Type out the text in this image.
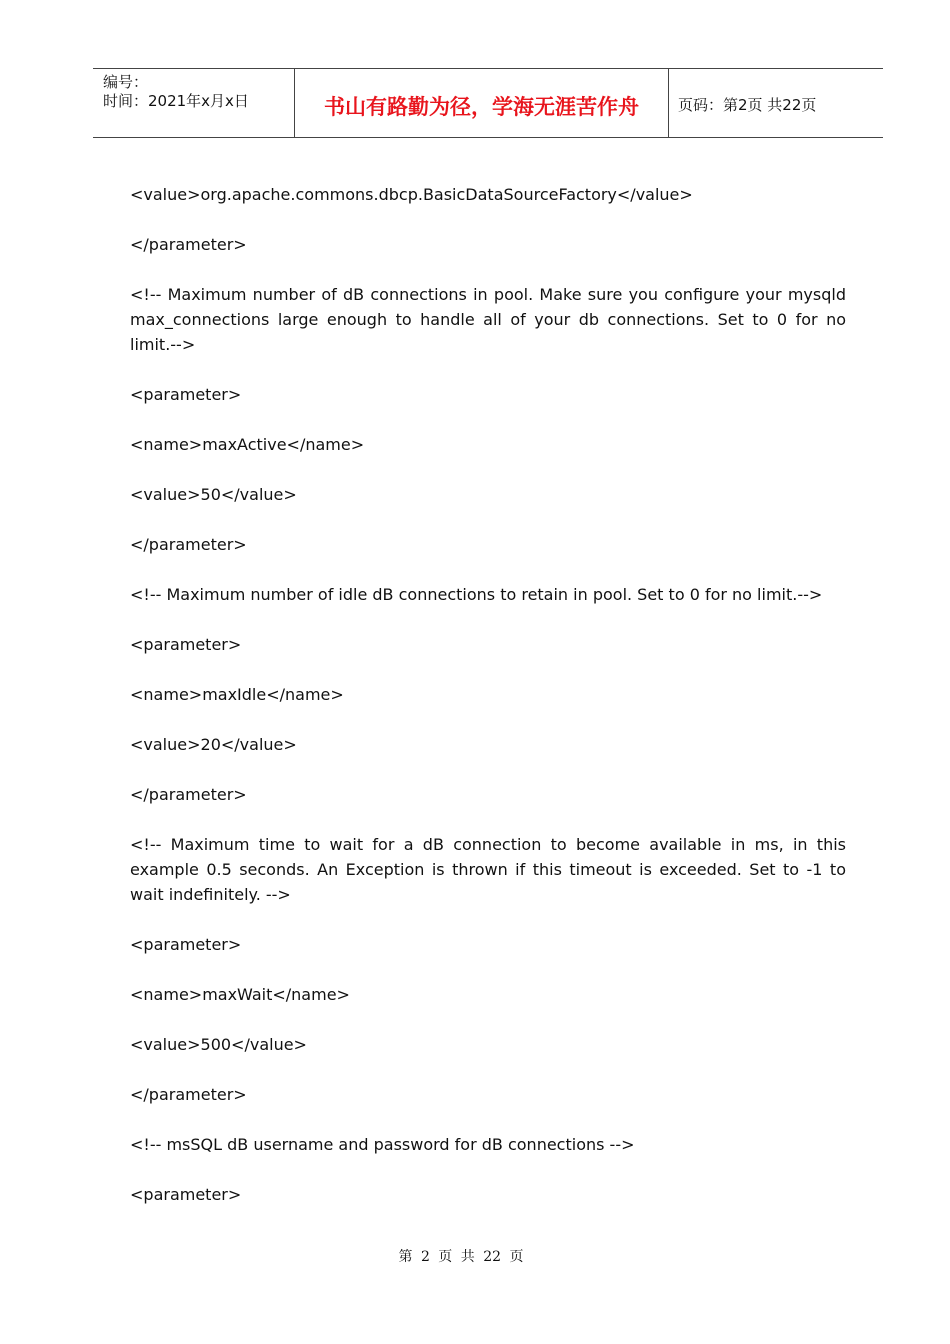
编号：
时间：2021年x月x日	书山有路勤为径，学海无涯苦作舟	页码：第2页 共22页

<value>org.apache.commons.dbcp.BasicDataSourceFactory</value>

</parameter>

<!-- Maximum number of dB connections in pool. Make sure you configure your mysqld max_connections large enough to handle all of your db connections. Set to 0 for no limit.-->

<parameter>

<name>maxActive</name>

<value>50</value>

</parameter>

<!-- Maximum number of idle dB connections to retain in pool. Set to 0 for no limit.-->

<parameter>

<name>maxIdle</name>

<value>20</value>

</parameter>

<!-- Maximum time to wait for a dB connection to become available in ms, in this example 0.5 seconds. An Exception is thrown if this timeout is exceeded. Set to -1 to wait indefinitely. -->

<parameter>

<name>maxWait</name>

<value>500</value>

</parameter>

<!-- msSQL dB username and password for dB connections -->

<parameter>

第 2 页 共 22 页
